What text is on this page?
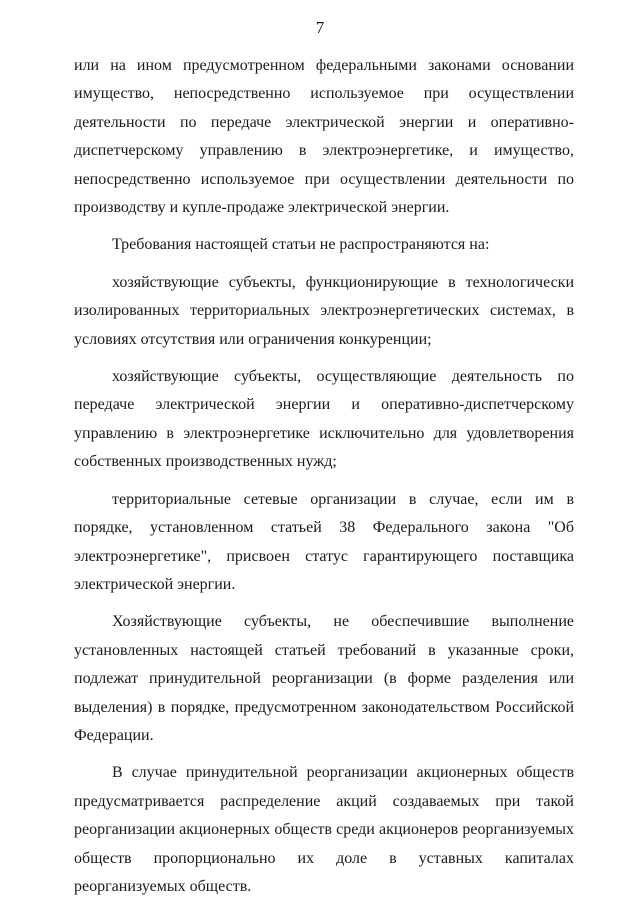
7

или на ином предусмотренном федеральными законами основании имущество, непосредственно используемое при осуществлении деятельности по передаче электрической энергии и оперативно-диспетчерскому управлению в электроэнергетике, и имущество, непосредственно используемое при осуществлении деятельности по производству и купле-продаже электрической энергии.

Требования настоящей статьи не распространяются на:

хозяйствующие субъекты, функционирующие в технологически изолированных территориальных электроэнергетических системах, в условиях отсутствия или ограничения конкуренции;

хозяйствующие субъекты, осуществляющие деятельность по передаче электрической энергии и оперативно-диспетчерскому управлению в электроэнергетике исключительно для удовлетворения собственных производственных нужд;

территориальные сетевые организации в случае, если им в порядке, установленном статьей 38 Федерального закона "Об электроэнергетике", присвоен статус гарантирующего поставщика электрической энергии.

Хозяйствующие субъекты, не обеспечившие выполнение установленных настоящей статьей требований в указанные сроки, подлежат принудительной реорганизации (в форме разделения или выделения) в порядке, предусмотренном законодательством Российской Федерации.

В случае принудительной реорганизации акционерных обществ предусматривается распределение акций создаваемых при такой реорганизации акционерных обществ среди акционеров реорганизуемых обществ пропорционально их доле в уставных капиталах реорганизуемых обществ.
